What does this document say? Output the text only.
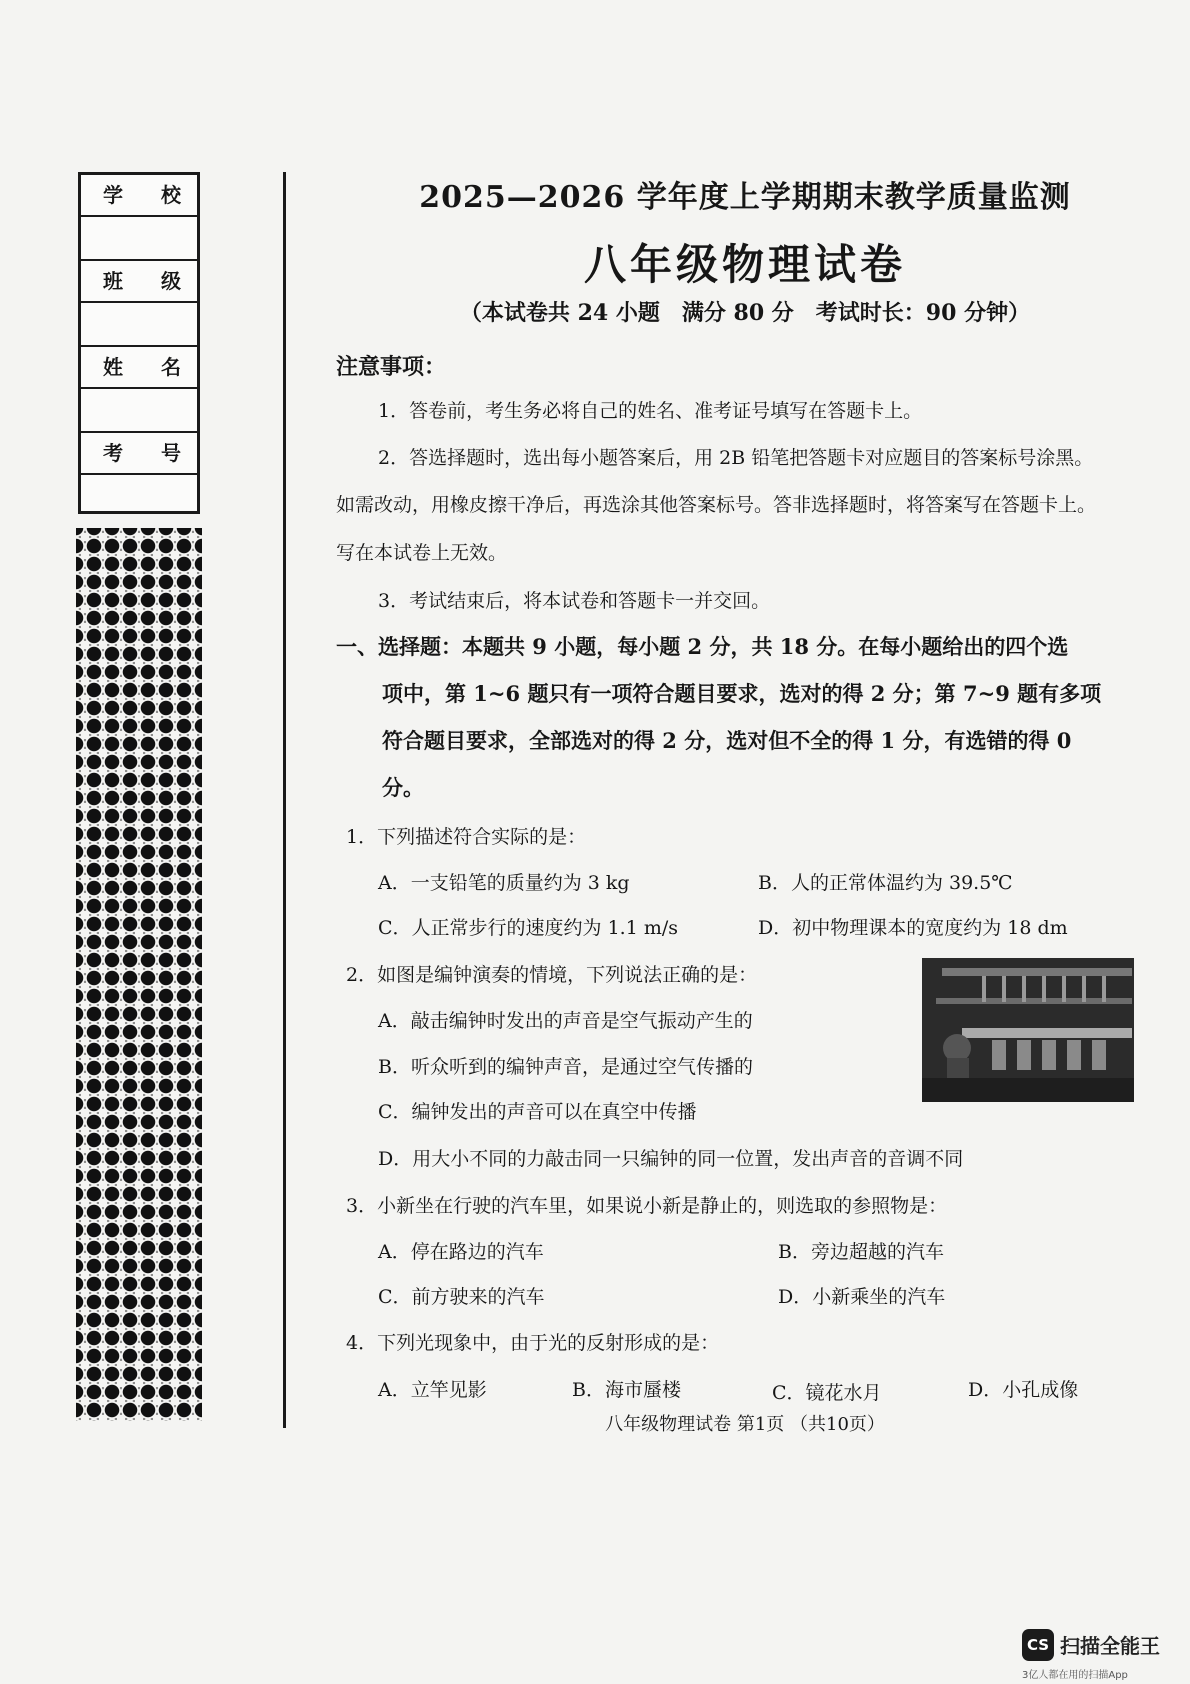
学 校
班 级
姓 名
考 号
2025—2026 学年度上学期期末教学质量监测
八年级物理试卷
（本试卷共 24 小题　满分 80 分　考试时长：90 分钟）
注意事项：
1．答卷前，考生务必将自己的姓名、准考证号填写在答题卡上。
2．答选择题时，选出每小题答案后，用 2B 铅笔把答题卡对应题目的答案标号涂黑。
如需改动，用橡皮擦干净后，再选涂其他答案标号。答非选择题时，将答案写在答题卡上。
写在本试卷上无效。
3．考试结束后，将本试卷和答题卡一并交回。
一、选择题：本题共 9 小题，每小题 2 分，共 18 分。在每小题给出的四个选
项中，第 1~6 题只有一项符合题目要求，选对的得 2 分；第 7~9 题有多项
符合题目要求，全部选对的得 2 分，选对但不全的得 1 分，有选错的得 0
分。
1．下列描述符合实际的是：
A．一支铅笔的质量约为 3 kg	B．人的正常体温约为 39.5℃
C．人正常步行的速度约为 1.1 m/s	D．初中物理课本的宽度约为 18 dm
2．如图是编钟演奏的情境，下列说法正确的是：
A．敲击编钟时发出的声音是空气振动产生的
B．听众听到的编钟声音，是通过空气传播的
C．编钟发出的声音可以在真空中传播
D．用大小不同的力敲击同一只编钟的同一位置，发出声音的音调不同
3．小新坐在行驶的汽车里，如果说小新是静止的，则选取的参照物是：
A．停在路边的汽车	B．旁边超越的汽车
C．前方驶来的汽车	D．小新乘坐的汽车
4．下列光现象中，由于光的反射形成的是：
A．立竿见影	B．海市蜃楼	C．镜花水月	D．小孔成像
八年级物理试卷 第1页 （共10页）
CS 扫描全能王
3亿人都在用的扫描App
